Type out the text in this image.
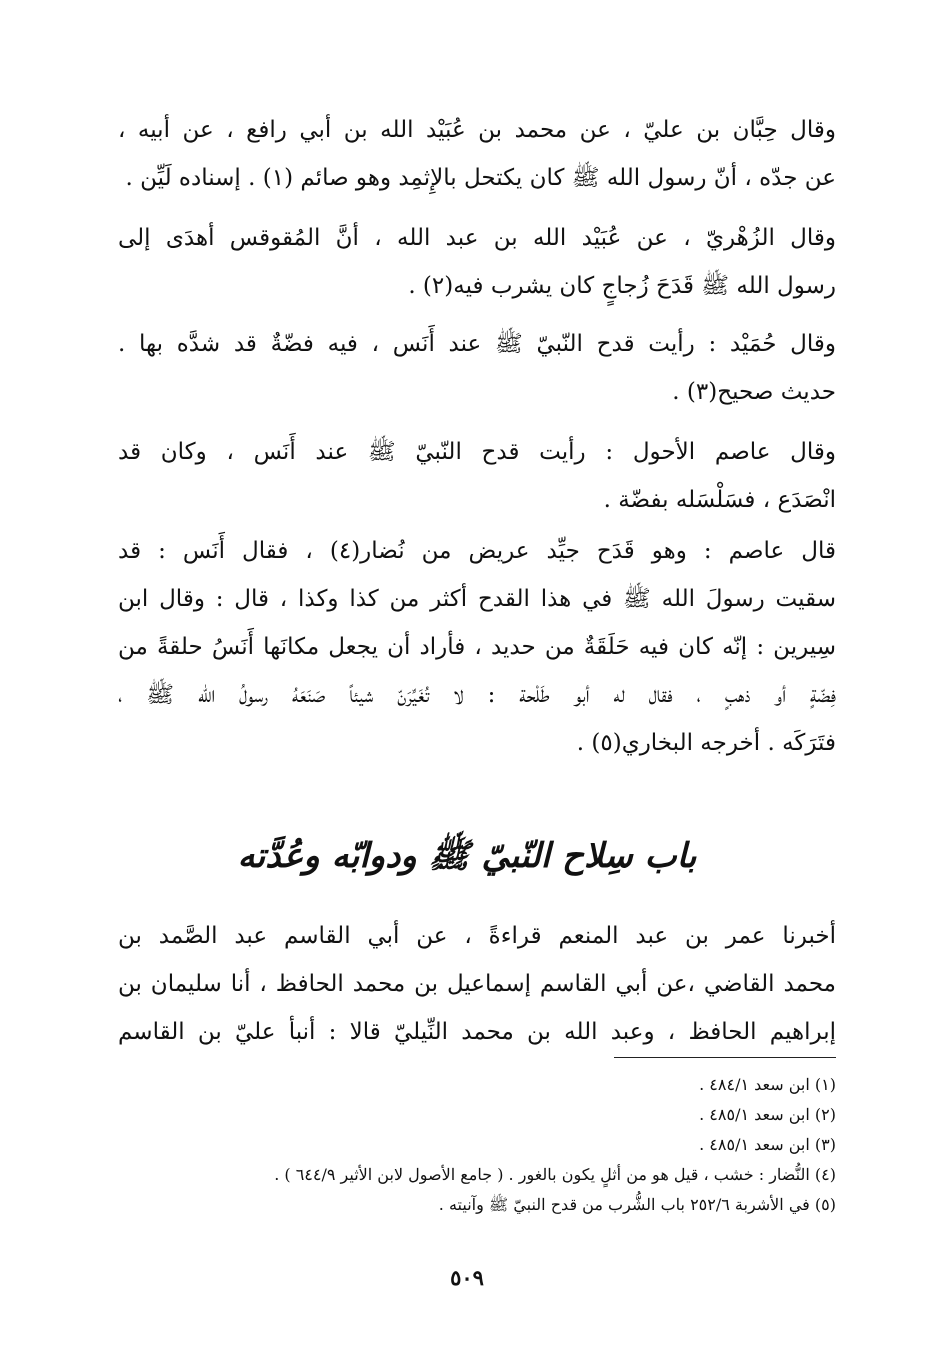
وقال حِبَّان بن عليّ ، عن محمد بن عُبَيْد الله بن أبي رافع ، عن أبيه ،
عن جدّه ، أنّ رسول الله ﷺ كان يكتحل بالإِثمِد وهو صائم (١) . إسناده لَيِّن .
وقال الزُهْريّ ، عن عُبَيْد الله بن عبد الله ، أنَّ المُقوقس أهدَى إلى
رسول الله ﷺ قَدَحَ زُجاجٍ كان يشرب فيه(٢) .
وقال حُمَيْد : رأيت قدح النّبيّ ﷺ عند أَنَس ، فيه فضّةٌ قد شدَّه بها .
حديث صحيح(٣) .
وقال عاصم الأحول : رأيت قدح النّبيّ ﷺ عند أَنَس ، وكان قد
انْصَدَع ، فسَلْسَله بفضّة .
قال عاصم : وهو قَدَح جيِّد عريض من نُضار(٤) ، فقال أَنَس : قد
سقيت رسولَ الله ﷺ في هذا القدح أكثر من كذا وكذا ، قال : وقال ابن
سِيرين : إنّه كان فيه حَلَقَةٌ من حديد ، فأراد أن يجعل مكانَها أَنَسُ حلقةً من
فِضّةٍ أو ذهبٍ ، فقال له أبو طَلْحة : لا تُغَيِّرَنّ شيئاً صَنَعَهُ رسولُ الله ﷺ ،
فتَرَكَه . أخرجه البخاري(٥) .
باب سِلاح النّبيّ ﷺ ودوابّه وعُدَّته
أخبرنا عمر بن عبد المنعم قراءةً ، عن أبي القاسم عبد الصَّمد بن
محمد القاضي ،عن أبي القاسم إسماعيل بن محمد الحافظ ، أنا سليمان بن
إبراهيم الحافظ ، وعبد الله بن محمد النِّيليّ قالا : أنبأ عليّ بن القاسم
(١) ابن سعد ٤٨٤/١ .
(٢) ابن سعد ٤٨٥/١ .
(٣) ابن سعد ٤٨٥/١ .
(٤) النُّضار : خشب ، قيل هو من أثلٍ يكون بالغور . ( جامع الأصول لابن الأثير ٦٤٤/٩ ) .
(٥) في الأشربة ٢٥٢/٦ باب الشُّرب من قدح النبيّ ﷺ وآنيته .
٥٠٩
